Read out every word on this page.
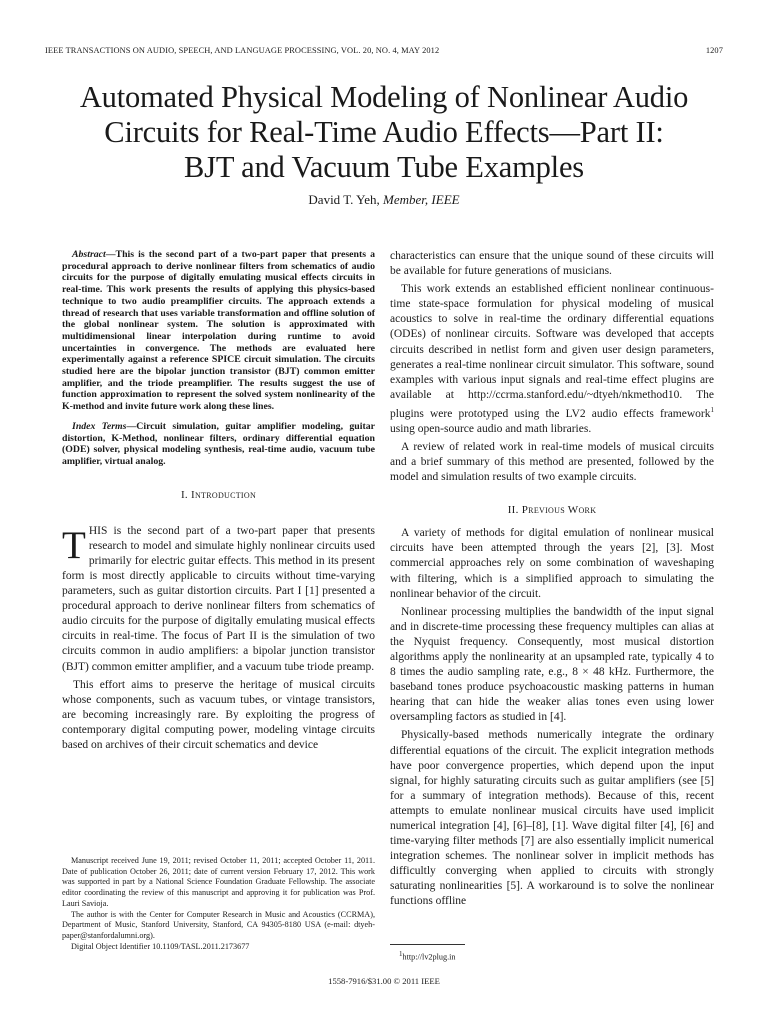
IEEE TRANSACTIONS ON AUDIO, SPEECH, AND LANGUAGE PROCESSING, VOL. 20, NO. 4, MAY 2012	1207
Automated Physical Modeling of Nonlinear Audio
Circuits for Real-Time Audio Effects—Part II:
BJT and Vacuum Tube Examples
David T. Yeh, Member, IEEE

Abstract—This is the second part of a two-part paper that presents a procedural approach to derive nonlinear filters from schematics of audio circuits for the purpose of digitally emulating musical effects circuits in real-time. This work presents the results of applying this physics-based technique to two audio preamplifier circuits. The approach extends a thread of research that uses variable transformation and offline solution of the global nonlinear system. The solution is approximated with multidimensional linear interpolation during runtime to avoid uncertainties in convergence. The methods are evaluated here experimentally against a reference SPICE circuit simulation. The circuits studied here are the bipolar junction transistor (BJT) common emitter amplifier, and the triode preamplifier. The results suggest the use of function approximation to represent the solved system nonlinearity of the K-method and invite future work along these lines.

Index Terms—Circuit simulation, guitar amplifier modeling, guitar distortion, K-Method, nonlinear filters, ordinary differential equation (ODE) solver, physical modeling synthesis, real-time audio, vacuum tube amplifier, virtual analog.

I. Introduction

THIS is the second part of a two-part paper that presents research to model and simulate highly nonlinear circuits used primarily for electric guitar effects. This method in its present form is most directly applicable to circuits without time-varying parameters, such as guitar distortion circuits. Part I [1] presented a procedural approach to derive nonlinear filters from schematics of audio circuits for the purpose of digitally emulating musical effects circuits in real-time. The focus of Part II is the simulation of two circuits common in audio amplifiers: a bipolar junction transistor (BJT) common emitter amplifier, and a vacuum tube triode preamp.

This effort aims to preserve the heritage of musical circuits whose components, such as vacuum tubes, or vintage transistors, are becoming increasingly rare. By exploiting the progress of contemporary digital computing power, modeling vintage circuits based on archives of their circuit schematics and device

characteristics can ensure that the unique sound of these circuits will be available for future generations of musicians.

This work extends an established efficient nonlinear continuous-time state-space formulation for physical modeling of musical acoustics to solve in real-time the ordinary differential equations (ODEs) of nonlinear circuits. Software was developed that accepts circuits described in netlist form and given user design parameters, generates a real-time nonlinear circuit simulator. This software, sound examples with various input signals and real-time effect plugins are available at http://ccrma.stanford.edu/~dtyeh/nkmethod10. The plugins were prototyped using the LV2 audio effects framework$^1$ using open-source audio and math libraries.

A review of related work in real-time models of musical circuits and a brief summary of this method are presented, followed by the model and simulation results of two example circuits.

II. Previous Work

A variety of methods for digital emulation of nonlinear musical circuits have been attempted through the years [2], [3]. Most commercial approaches rely on some combination of waveshaping with filtering, which is a simplified approach to simulating the nonlinear behavior of the circuit.

Nonlinear processing multiplies the bandwidth of the input signal and in discrete-time processing these frequency multiples can alias at the Nyquist frequency. Consequently, most musical distortion algorithms apply the nonlinearity at an upsampled rate, typically 4 to 8 times the audio sampling rate, e.g., 8 × 48 kHz. Furthermore, the baseband tones produce psychoacoustic masking patterns in human hearing that can hide the weaker alias tones even using lower oversampling factors as studied in [4].

Physically-based methods numerically integrate the ordinary differential equations of the circuit. The explicit integration methods have poor convergence properties, which depend upon the input signal, for highly saturating circuits such as guitar amplifiers (see [5] for a summary of integration methods). Because of this, recent attempts to emulate nonlinear musical circuits have used implicit numerical integration [4], [6]–[8], [1]. Wave digital filter [4], [6] and time-varying filter methods [7] are also essentially implicit numerical integration schemes. The nonlinear solver in implicit methods has difficultly converging when applied to circuits with strongly saturating nonlinearities [5]. A workaround is to solve the nonlinear functions offline

Manuscript received June 19, 2011; revised October 11, 2011; accepted October 11, 2011. Date of publication October 26, 2011; date of current version February 17, 2012. This work was supported in part by a National Science Foundation Graduate Fellowship. The associate editor coordinating the review of this manuscript and approving it for publication was Prof. Lauri Savioja.

The author is with the Center for Computer Research in Music and Acoustics (CCRMA), Department of Music, Stanford University, Stanford, CA 94305-8180 USA (e-mail: dtyeh-paper@stanfordalumni.org).

Digital Object Identifier 10.1109/TASL.2011.2173677

$^1$http://lv2plug.in

1558-7916/$31.00 © 2011 IEEE
